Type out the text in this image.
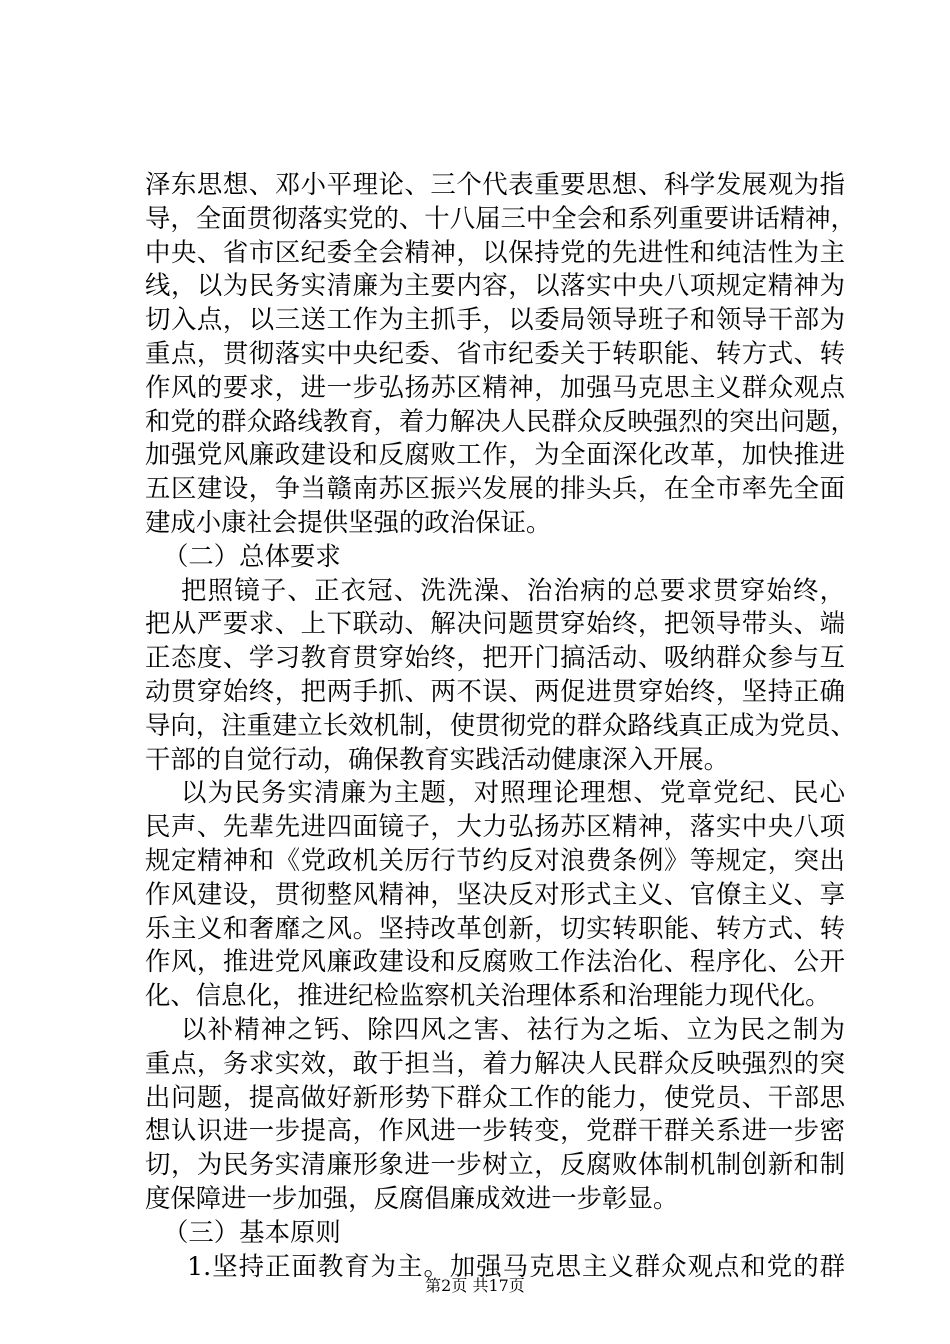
泽东思想、邓小平理论、三个代表重要思想、科学发展观为指
导，全面贯彻落实党的、十八届三中全会和系列重要讲话精神，
中央、省市区纪委全会精神，以保持党的先进性和纯洁性为主
线，以为民务实清廉为主要内容，以落实中央八项规定精神为
切入点，以三送工作为主抓手，以委局领导班子和领导干部为
重点，贯彻落实中央纪委、省市纪委关于转职能、转方式、转
作风的要求，进一步弘扬苏区精神，加强马克思主义群众观点
和党的群众路线教育，着力解决人民群众反映强烈的突出问题，
加强党风廉政建设和反腐败工作，为全面深化改革，加快推进
五区建设，争当赣南苏区振兴发展的排头兵，在全市率先全面
建成小康社会提供坚强的政治保证。
（二）总体要求
把照镜子、正衣冠、洗洗澡、治治病的总要求贯穿始终，
把从严要求、上下联动、解决问题贯穿始终，把领导带头、端
正态度、学习教育贯穿始终，把开门搞活动、吸纳群众参与互
动贯穿始终，把两手抓、两不误、两促进贯穿始终，坚持正确
导向，注重建立长效机制，使贯彻党的群众路线真正成为党员、
干部的自觉行动，确保教育实践活动健康深入开展。
以为民务实清廉为主题，对照理论理想、党章党纪、民心
民声、先辈先进四面镜子，大力弘扬苏区精神，落实中央八项
规定精神和《党政机关厉行节约反对浪费条例》等规定，突出
作风建设，贯彻整风精神，坚决反对形式主义、官僚主义、享
乐主义和奢靡之风。坚持改革创新，切实转职能、转方式、转
作风，推进党风廉政建设和反腐败工作法治化、程序化、公开
化、信息化，推进纪检监察机关治理体系和治理能力现代化。
以补精神之钙、除四风之害、祛行为之垢、立为民之制为
重点，务求实效，敢于担当，着力解决人民群众反映强烈的突
出问题，提高做好新形势下群众工作的能力，使党员、干部思
想认识进一步提高，作风进一步转变，党群干群关系进一步密
切，为民务实清廉形象进一步树立，反腐败体制机制创新和制
度保障进一步加强，反腐倡廉成效进一步彰显。
（三）基本原则
1.坚持正面教育为主。加强马克思主义群众观点和党的群
第2页 共17页
